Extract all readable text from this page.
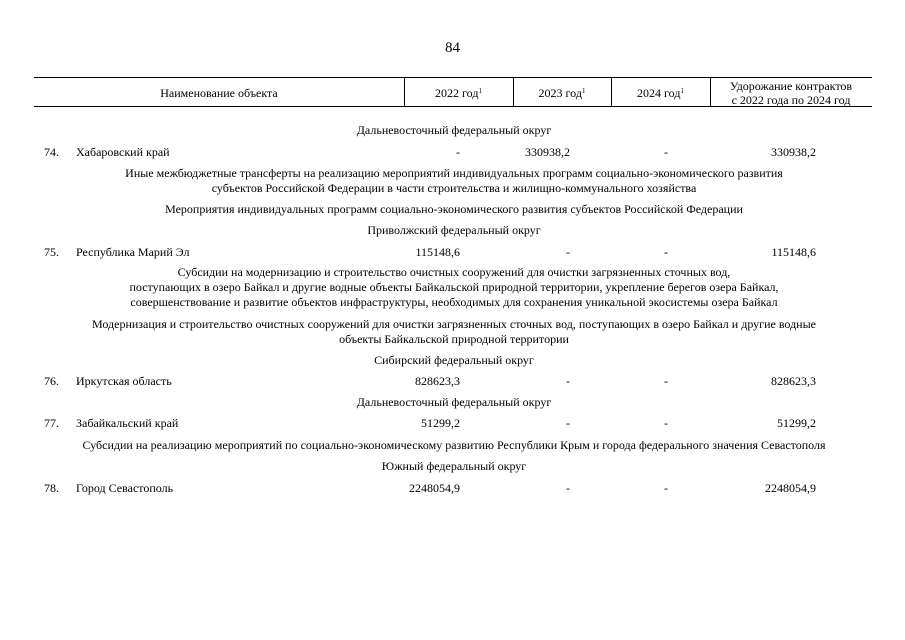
84
Наименование объекта	2022 год$^1$	2023 год$^1$	2024 год$^1$	Удорожание контрактов
с 2022 года по 2024 год
Дальневосточный федеральный округ
74. Хабаровский край	-	330938,2	-	330938,2
Иные межбюджетные трансферты на реализацию мероприятий индивидуальных программ социально-экономического развития
субъектов Российской Федерации в части строительства и жилищно-коммунального хозяйства
Мероприятия индивидуальных программ социально-экономического развития субъектов Российской Федерации
Приволжский федеральный округ
75. Республика Марий Эл	115148,6	-	-	115148,6
Субсидии на модернизацию и строительство очистных сооружений для очистки загрязненных сточных вод,
поступающих в озеро Байкал и другие водные объекты Байкальской природной территории, укрепление берегов озера Байкал,
совершенствование и развитие объектов инфраструктуры, необходимых для сохранения уникальной экосистемы озера Байкал
Модернизация и строительство очистных сооружений для очистки загрязненных сточных вод, поступающих в озеро Байкал и другие водные
объекты Байкальской природной территории
Сибирский федеральный округ
76. Иркутская область	828623,3	-	-	828623,3
Дальневосточный федеральный округ
77. Забайкальский край	51299,2	-	-	51299,2
Субсидии на реализацию мероприятий по социально-экономическому развитию Республики Крым и города федерального значения Севастополя
Южный федеральный округ
78. Город Севастополь	2248054,9	-	-	2248054,9
